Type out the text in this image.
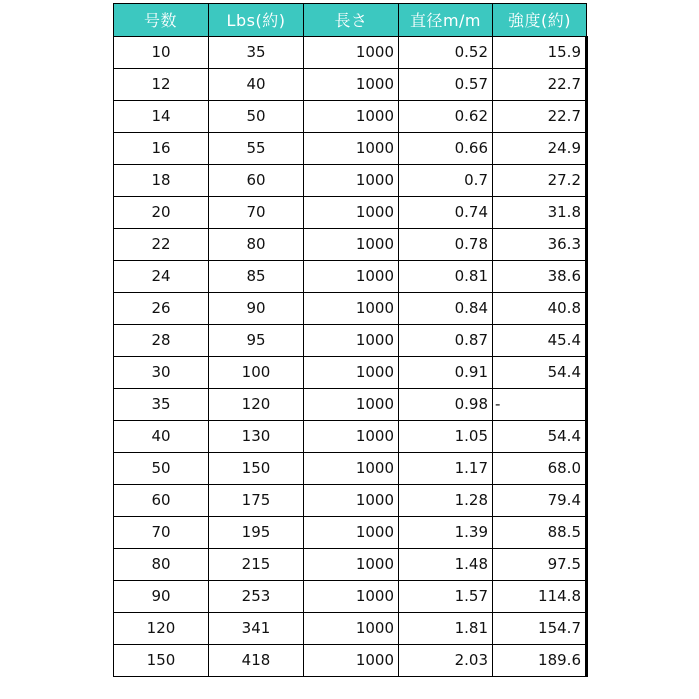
号数	Lbs(約)	長さ	直径m/m	強度(約)
10	35	1000	0.52	15.9
12	40	1000	0.57	22.7
14	50	1000	0.62	22.7
16	55	1000	0.66	24.9
18	60	1000	0.7	27.2
20	70	1000	0.74	31.8
22	80	1000	0.78	36.3
24	85	1000	0.81	38.6
26	90	1000	0.84	40.8
28	95	1000	0.87	45.4
30	100	1000	0.91	54.4
35	120	1000	0.98	-
40	130	1000	1.05	54.4
50	150	1000	1.17	68.0
60	175	1000	1.28	79.4
70	195	1000	1.39	88.5
80	215	1000	1.48	97.5
90	253	1000	1.57	114.8
120	341	1000	1.81	154.7
150	418	1000	2.03	189.6
